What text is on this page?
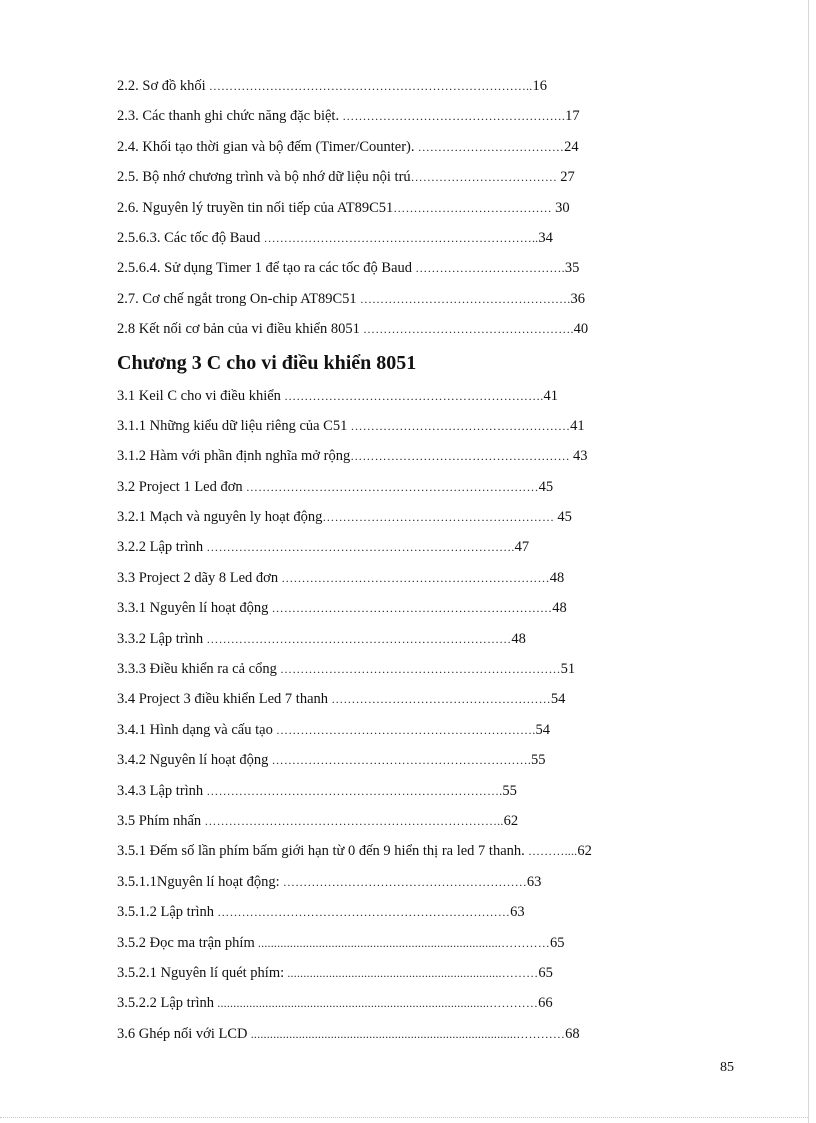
2.2. Sơ đồ khối ……………………………………………………………………..16
2.3. Các thanh ghi chức năng đặc biệt. ……………………………………………….17
2.4. Khối tạo thời gian và bộ đếm (Timer/Counter). ………………………………24
2.5. Bộ nhớ chương trình và bộ nhớ dữ liệu nội trú……………………………… 27
2.6. Nguyên lý truyền tin nối tiếp của AT89C51………………………………… 30
2.5.6.3. Các tốc độ Baud …………………………………………………………..34
2.5.6.4. Sử dụng Timer 1 để tạo ra các tốc độ Baud ……………………………….35
2.7. Cơ chế ngắt trong On-chip AT89C51 …………………………………………….36
2.8 Kết nối cơ bản của vi điều khiển 8051 …………………………………………….40
Chương 3 C cho vi điều khiển 8051
3.1 Keil C cho vi điều khiển ……………………………………………………….41
3.1.1 Những kiểu dữ liệu riêng của C51 ………………………………………………41
3.1.2 Hàm với phần định nghĩa mở rộng……………………………………………… 43
3.2 Project 1 Led đơn ………………………………………………………………45
3.2.1 Mạch và nguyên ly hoạt động………………………………………………… 45
3.2.2 Lập trình ………………………………………………………………….47
3.3 Project 2 dãy 8 Led đơn …………………………………………………………48
3.3.1 Nguyên lí hoạt động ……………………………………………………………48
3.3.2 Lập trình …………………………………………………………………48
3.3.3 Điều khiển ra cả cổng ……………………………………………………………51
3.4 Project 3 điều khiển Led 7 thanh ………………………………………………54
3.4.1 Hình dạng và cấu tạo ……………………………………………………….54
3.4.2 Nguyên lí hoạt động ……………………………………………………….55
3.4.3 Lập trình ……………………………………………………………….55
3.5 Phím nhấn ………………………………………………………………..62
3.5.1 Đếm số lần phím bấm giới hạn từ 0 đến 9 hiển thị ra led 7 thanh. ………....62
3.5.1.1Nguyên lí hoạt động: ……………………………………………………63
3.5.1.2 Lập trình ………………………………………………………………63
3.5.2 Đọc ma trận phím ............................................................................…………65
3.5.2.1 Nguyên lí quét phím: ...................................................................………65
3.5.2.2 Lập trình .....................................................................................…………66
3.6 Ghép nối với LCD ...................................................................................…………68
85
